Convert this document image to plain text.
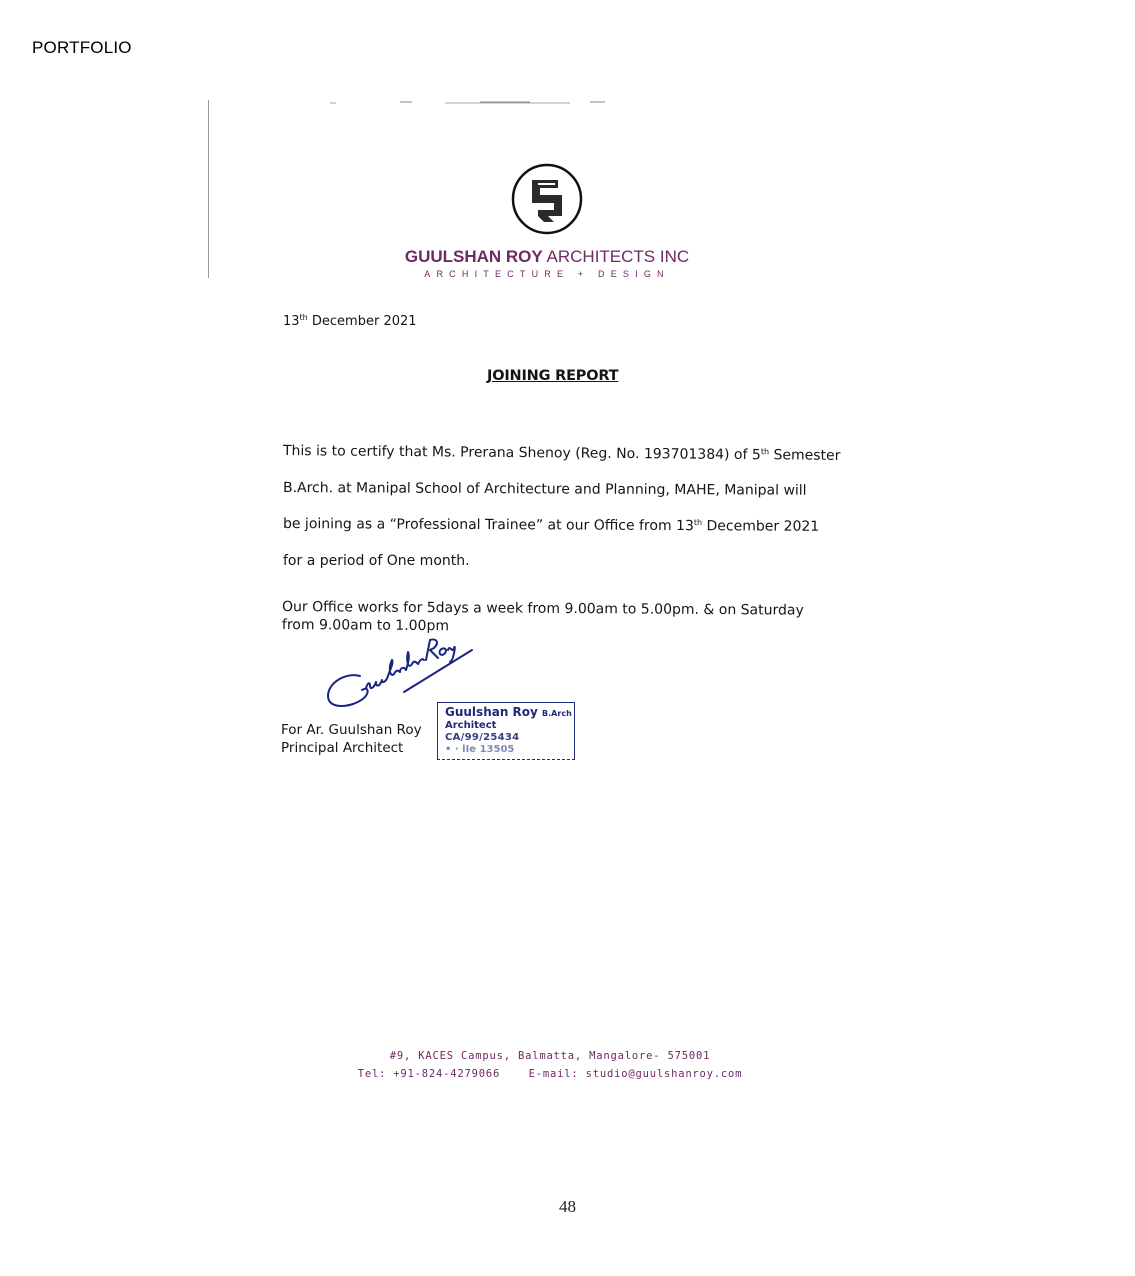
PORTFOLIO
GUULSHAN ROY ARCHITECTS INC
ARCHITECTURE + DESIGN
13th December 2021
JOINING REPORT
This is to certify that Ms. Prerana Shenoy (Reg. No. 193701384) of 5th Semester
B.Arch. at Manipal School of Architecture and Planning, MAHE, Manipal will
be joining as a “Professional Trainee” at our Office from 13th December 2021
for a period of One month.
Our Office works for 5days a week from 9.00am to 5.00pm. & on Saturday
from 9.00am to 1.00pm
For Ar. Guulshan Roy
Principal Architect
Guulshan Roy B.Arch
Architect
CA/99/25434
• · lIe 13505
#9, KACES Campus, Balmatta, Mangalore- 575001
Tel: +91-824-4279066	E-mail: studio@guulshanroy.com
48
